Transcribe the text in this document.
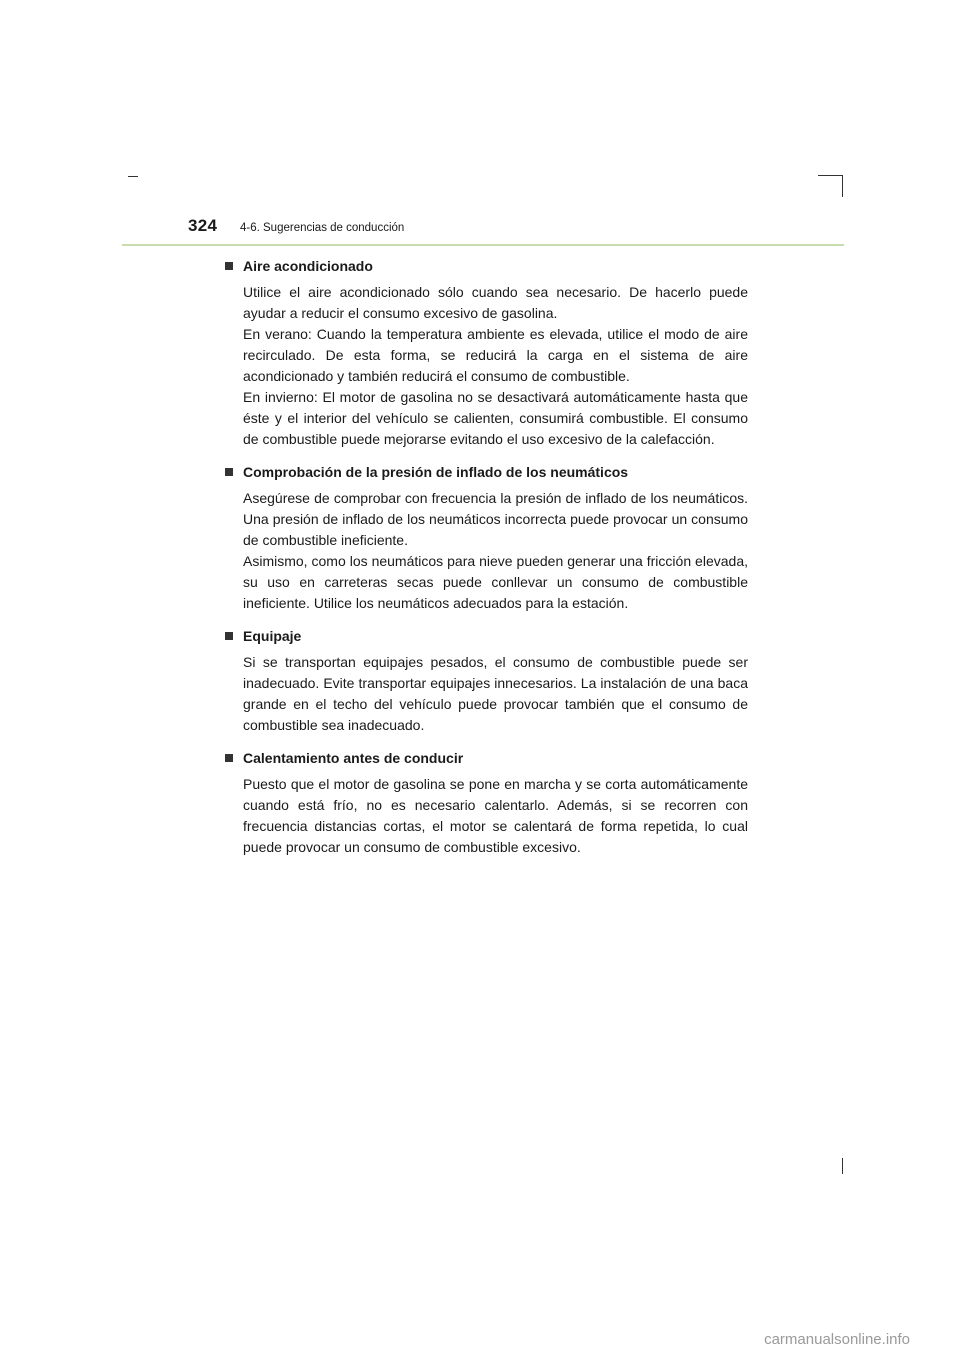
324 4-6. Sugerencias de conducción
Aire acondicionado

Utilice el aire acondicionado sólo cuando sea necesario. De hacerlo puede ayudar a reducir el consumo excesivo de gasolina.

En verano: Cuando la temperatura ambiente es elevada, utilice el modo de aire recirculado. De esta forma, se reducirá la carga en el sistema de aire acondicionado y también reducirá el consumo de combustible.

En invierno: El motor de gasolina no se desactivará automáticamente hasta que éste y el interior del vehículo se calienten, consumirá combustible. El consumo de combustible puede mejorarse evitando el uso excesivo de la calefacción.

Comprobación de la presión de inflado de los neumáticos

Asegúrese de comprobar con frecuencia la presión de inflado de los neumáticos. Una presión de inflado de los neumáticos incorrecta puede provocar un consumo de combustible ineficiente.

Asimismo, como los neumáticos para nieve pueden generar una fricción elevada, su uso en carreteras secas puede conllevar un consumo de combustible ineficiente. Utilice los neumáticos adecuados para la estación.

Equipaje

Si se transportan equipajes pesados, el consumo de combustible puede ser inadecuado. Evite transportar equipajes innecesarios. La instalación de una baca grande en el techo del vehículo puede provocar también que el consumo de combustible sea inadecuado.

Calentamiento antes de conducir

Puesto que el motor de gasolina se pone en marcha y se corta automáticamente cuando está frío, no es necesario calentarlo. Además, si se recorren con frecuencia distancias cortas, el motor se calentará de forma repetida, lo cual puede provocar un consumo de combustible excesivo.

carmanualsonline.info
